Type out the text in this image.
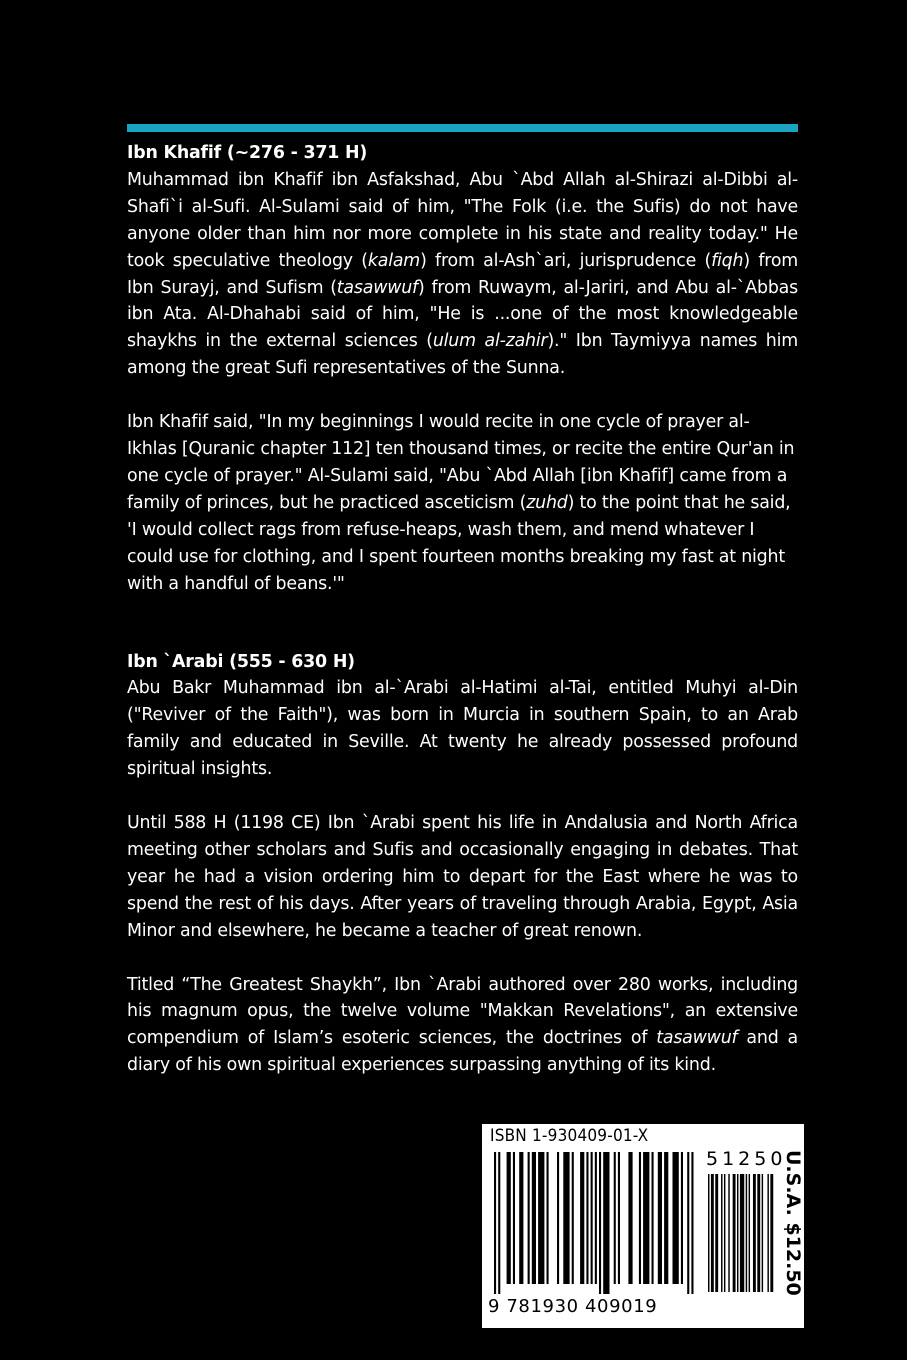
Ibn Khafif (~276 - 371 H)

Muhammad ibn Khafif ibn Asfakshad, Abu `Abd Allah al-Shirazi al-Dibbi al-Shafi`i al-Sufi. Al-Sulami said of him, "The Folk (i.e. the Sufis) do not have anyone older than him nor more complete in his state and reality today." He took speculative theology (kalam) from al-Ash`ari, jurisprudence (fiqh) from Ibn Surayj, and Sufism (tasawwuf) from Ruwaym, al-Jariri, and Abu al-`Abbas ibn Ata. Al-Dhahabi said of him, "He is ...one of the most knowledgeable shaykhs in the external sciences (ulum al-zahir)." Ibn Taymiyya names him among the great Sufi representatives of the Sunna.

Ibn Khafif said, "In my beginnings I would recite in one cycle of prayer al-Ikhlas [Quranic chapter 112] ten thousand times, or recite the entire Qur'an in one cycle of prayer." Al-Sulami said, "Abu `Abd Allah [ibn Khafif] came from a family of princes, but he practiced asceticism (zuhd) to the point that he said, 'I would collect rags from refuse-heaps, wash them, and mend whatever I could use for clothing, and I spent fourteen months breaking my fast at night with a handful of beans.'"

Ibn `Arabi (555 - 630 H)

Abu Bakr Muhammad ibn al-`Arabi al-Hatimi al-Tai, entitled Muhyi al-Din ("Reviver of the Faith"), was born in Murcia in southern Spain, to an Arab family and educated in Seville. At twenty he already possessed profound spiritual insights.

Until 588 H (1198 CE) Ibn `Arabi spent his life in Andalusia and North Africa meeting other scholars and Sufis and occasionally engaging in debates. That year he had a vision ordering him to depart for the East where he was to spend the rest of his days. After years of traveling through Arabia, Egypt, Asia Minor and elsewhere, he became a teacher of great renown.

Titled “The Greatest Shaykh”, Ibn `Arabi authored over 280 works, including his magnum opus, the twelve volume "Makkan Revelations", an extensive compendium of Islam’s esoteric sciences, the doctrines of tasawwuf and a diary of his own spiritual experiences surpassing anything of its kind.

ISBN 1-930409-01-X
9 781930 409019
51250
U.S.A. $12.50
